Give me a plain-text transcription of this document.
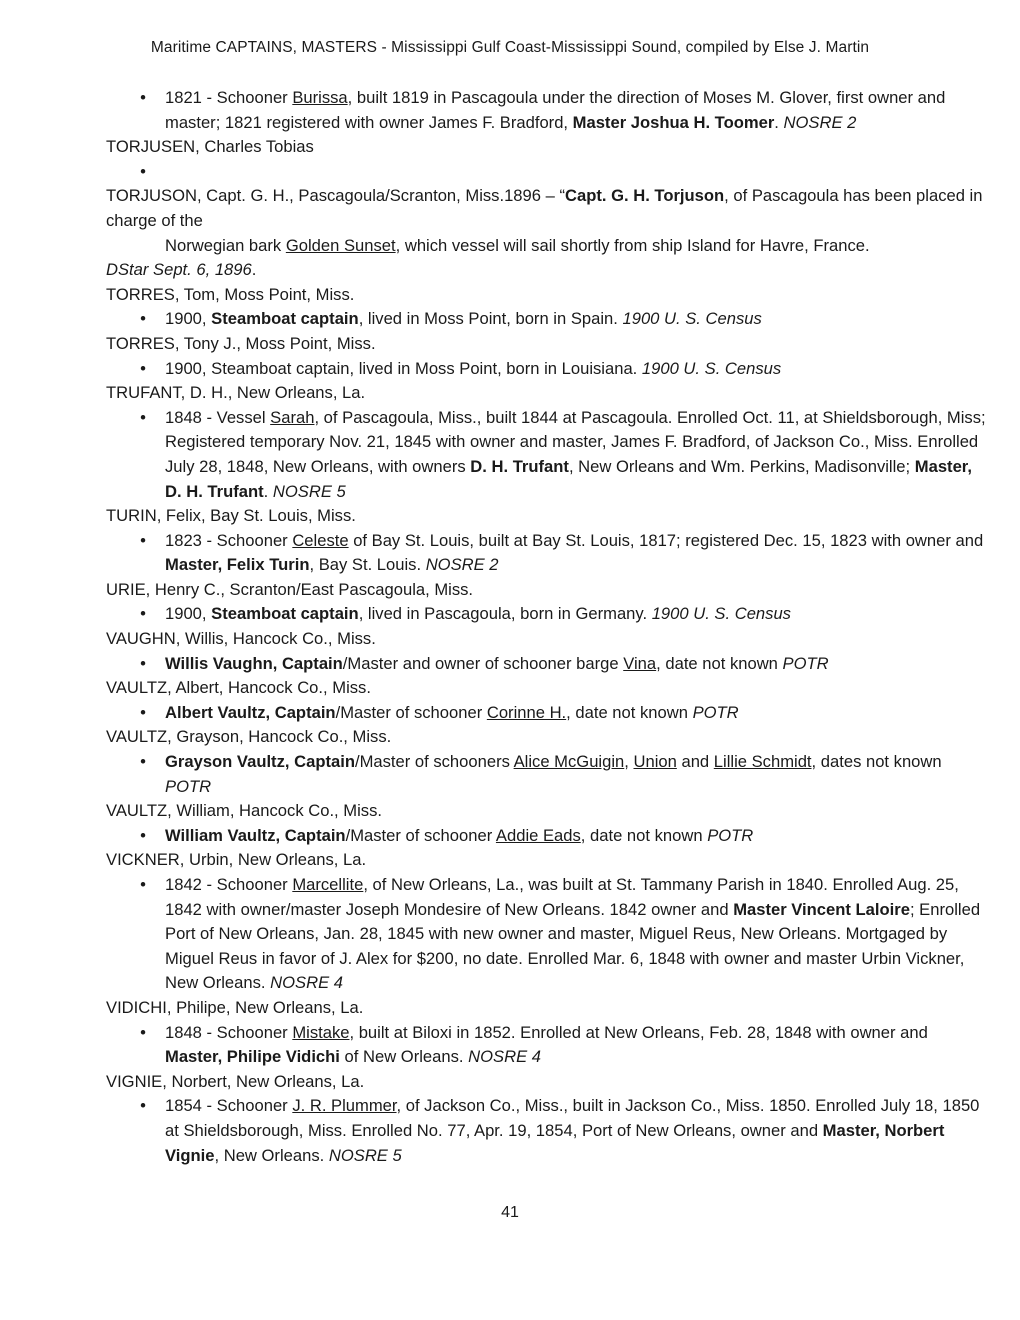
Maritime CAPTAINS, MASTERS - Mississippi Gulf Coast-Mississippi Sound, compiled by Else J. Martin
• 1821 - Schooner Burissa, built 1819 in Pascagoula under the direction of Moses M. Glover, first owner and master; 1821 registered with owner James F. Bradford, Master Joshua H. Toomer. NOSRE 2
TORJUSEN, Charles Tobias
•

TORJUSON, Capt. G. H., Pascagoula/Scranton, Miss.1896 – “Capt. G. H. Torjuson, of Pascagoula has been placed in charge of the
Norwegian bark Golden Sunset, which vessel will sail shortly from ship Island for Havre, France.
DStar Sept. 6, 1896.
TORRES, Tom, Moss Point, Miss.
• 1900, Steamboat captain, lived in Moss Point, born in Spain. 1900 U. S. Census
TORRES, Tony J., Moss Point, Miss.
• 1900, Steamboat captain, lived in Moss Point, born in Louisiana. 1900 U. S. Census
TRUFANT, D. H., New Orleans, La.
• 1848 - Vessel Sarah, of Pascagoula, Miss., built 1844 at Pascagoula. Enrolled Oct. 11, at Shieldsborough, Miss; Registered temporary Nov. 21, 1845 with owner and master, James F. Bradford, of Jackson Co., Miss. Enrolled July 28, 1848, New Orleans, with owners D. H. Trufant, New Orleans and Wm. Perkins, Madisonville; Master, D. H. Trufant. NOSRE 5
TURIN, Felix, Bay St. Louis, Miss.
• 1823 - Schooner Celeste of Bay St. Louis, built at Bay St. Louis, 1817; registered Dec. 15, 1823 with owner and Master, Felix Turin, Bay St. Louis. NOSRE 2
URIE, Henry C., Scranton/East Pascagoula, Miss.
• 1900, Steamboat captain, lived in Pascagoula, born in Germany. 1900 U. S. Census
VAUGHN, Willis, Hancock Co., Miss.
• Willis Vaughn, Captain/Master and owner of schooner barge Vina, date not known POTR
VAULTZ, Albert, Hancock Co., Miss.
• Albert Vaultz, Captain/Master of schooner Corinne H., date not known POTR
VAULTZ, Grayson, Hancock Co., Miss.
• Grayson Vaultz, Captain/Master of schooners Alice McGuigin, Union and Lillie Schmidt, dates not known POTR
VAULTZ, William, Hancock Co., Miss.
• William Vaultz, Captain/Master of schooner Addie Eads, date not known POTR
VICKNER, Urbin, New Orleans, La.
• 1842 - Schooner Marcellite, of New Orleans, La., was built at St. Tammany Parish in 1840. Enrolled Aug. 25, 1842 with owner/master Joseph Mondesire of New Orleans. 1842 owner and Master Vincent Laloire; Enrolled Port of New Orleans, Jan. 28, 1845 with new owner and master, Miguel Reus, New Orleans. Mortgaged by Miguel Reus in favor of J. Alex for $200, no date. Enrolled Mar. 6, 1848 with owner and master Urbin Vickner, New Orleans. NOSRE 4
VIDICHI, Philipe, New Orleans, La.
• 1848 - Schooner Mistake, built at Biloxi in 1852. Enrolled at New Orleans, Feb. 28, 1848 with owner and Master, Philipe Vidichi of New Orleans. NOSRE 4
VIGNIE, Norbert, New Orleans, La.
• 1854 - Schooner J. R. Plummer, of Jackson Co., Miss., built in Jackson Co., Miss. 1850. Enrolled July 18, 1850 at Shieldsborough, Miss. Enrolled No. 77, Apr. 19, 1854, Port of New Orleans, owner and Master, Norbert Vignie, New Orleans. NOSRE 5
41
